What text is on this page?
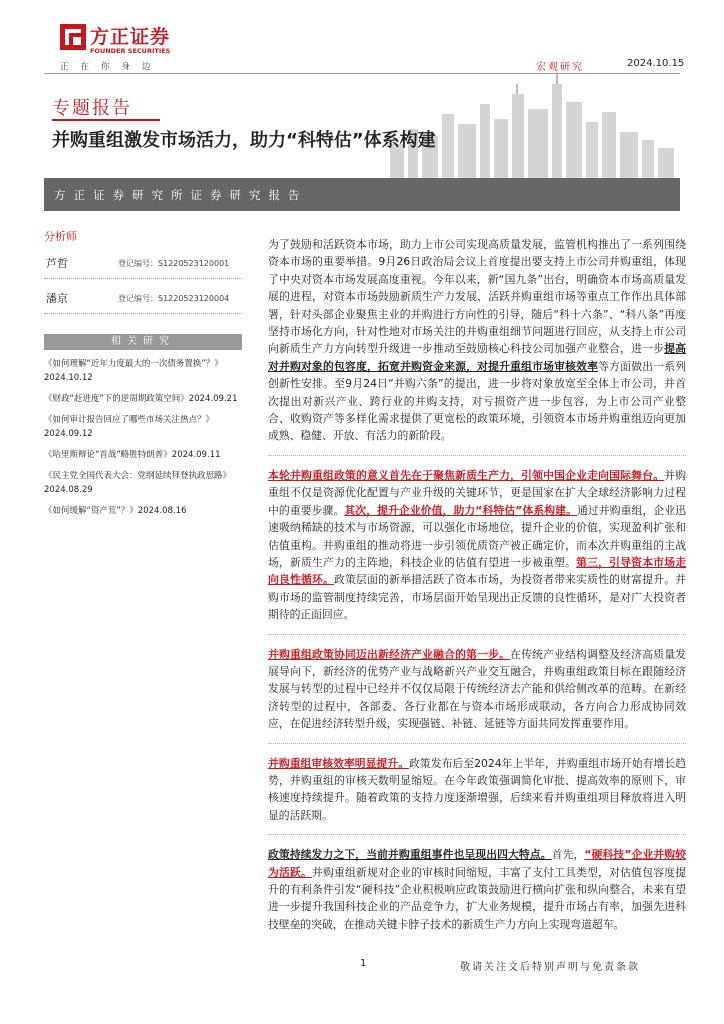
方正证券
FOUNDER SECURITIES
正在你身边	宏观研究	2024.10.15
专题报告
并购重组激发市场活力，助力“科特估”体系构建
方正证券研究所证券研究报告
分析师
芦哲	登记编号：S1220523120001
潘京	登记编号：S1220523120004
相关研究
《如何理解“近年力度最大的一次债务置换”？》2024.10.12
《财政“赶进度”下的逆周期政策空间》2024.09.21
《如何审计报告回应了哪些市场关注热点？》2024.09.12
《哈里斯辩论“首战”略胜特朗普》2024.09.11
《民主党全国代表大会：党纲延续拜登执政思路》2024.08.29
《如何缓解“资产荒”？》2024.08.16

为了鼓励和活跃资本市场，助力上市公司实现高质量发展，监管机构推出了一系列围绕资本市场的重要举措。9月26日政治局会议上首度提出要支持上市公司并购重组，体现了中央对资本市场发展高度重视。今年以来，新“国九条”出台，明确资本市场高质量发展的进程，对资本市场鼓励新质生产力发展、活跃并购重组市场等重点工作作出具体部署，针对头部企业聚焦主业的并购进行方向性的引导，随后“科十六条”、“科八条”再度坚持市场化方向，针对性地对市场关注的并购重组细节问题进行回应，从支持上市公司向新质生产力方向转型升级进一步推动至鼓励核心科技公司加强产业整合，进一步提高对并购对象的包容度，拓宽并购资金来源，对提升重组市场审核效率等方面做出一系列创新性安排。至9月24日“并购六条”的提出，进一步将对象放宽至全体上市公司，并首次提出对新兴产业、跨行业的并购支持，对亏损资产进一步包容，为上市公司产业整合、收购资产等多样化需求提供了更宽松的政策环境，引领资本市场并购重组迈向更加成熟、稳健、开放、有活力的新阶段。

本轮并购重组政策的意义首先在于聚焦新质生产力，引领中国企业走向国际舞台。并购重组不仅是资源优化配置与产业升级的关键环节，更是国家在扩大全球经济影响力过程中的重要步骤。其次，提升企业价值，助力“科特估”体系构建。通过并购重组，企业迅速吸纳稀缺的技术与市场资源，可以强化市场地位，提升企业的价值，实现盈利扩张和估值重构。并购重组的推动将进一步引领优质资产被正确定价，而本次并购重组的主战场，新质生产力的主阵地，科技企业的估值有望进一步被重塑。第三，引导资本市场走向良性循环。政策层面的新举措活跃了资本市场，为投资者带来实质性的财富提升。并购市场的监管制度持续完善，市场层面开始呈现出正反馈的良性循环，是对广大投资者期待的正面回应。

并购重组政策协同迈出新经济产业融合的第一步。在传统产业结构调整及经济高质量发展导向下，新经济的优势产业与战略新兴产业交互融合，并购重组政策目标在跟随经济发展与转型的过程中已经并不仅仅局限于传统经济去产能和供给侧改革的范畴。在新经济转型的过程中，各部委、各行业都在与资本市场形成联动，各方向合力形成协同效应，在促进经济转型升级，实现强链、补链、延链等方面共同发挥重要作用。

并购重组审核效率明显提升。政策发布后至2024年上半年，并购重组市场开始有增长趋势，并购重组的审核天数明显缩短。在今年政策强调简化审批、提高效率的原则下，审核速度持续提升。随着政策的支持力度逐渐增强，后续来看并购重组项目释放将进入明显的活跃期。

政策持续发力之下，当前并购重组事件也呈现出四大特点。首先，“硬科技”企业并购较为活跃。并购重组新规对企业的审核时间缩短，丰富了支付工具类型，对估值包容度提升的有利条件引发“硬科技”企业积极响应政策鼓励进行横向扩张和纵向整合，未来有望进一步提升我国科技企业的产品竞争力，扩大业务规模，提升市场占有率，加强先进科技壁垒的突破，在推动关键卡脖子技术的新质生产力方向上实现弯道超车。

1	敬请关注文后特别声明与免责条款
